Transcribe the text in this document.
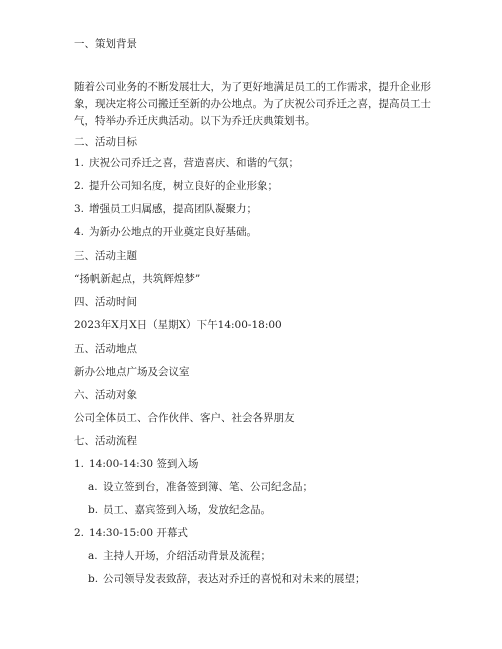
一、策划背景
随着公司业务的不断发展壮大，为了更好地满足员工的工作需求，提升企业形象，现决定将公司搬迁至新的办公地点。为了庆祝公司乔迁之喜，提高员工士气，特举办乔迁庆典活动。以下为乔迁庆典策划书。
二、活动目标
1. 庆祝公司乔迁之喜，营造喜庆、和谐的气氛；
2. 提升公司知名度，树立良好的企业形象；
3. 增强员工归属感，提高团队凝聚力；
4. 为新办公地点的开业奠定良好基础。
三、活动主题
“扬帆新起点，共筑辉煌梦”
四、活动时间
2023年X月X日（星期X）下午14:00-18:00
五、活动地点
新办公地点广场及会议室
六、活动对象
公司全体员工、合作伙伴、客户、社会各界朋友
七、活动流程
1. 14:00-14:30 签到入场
a. 设立签到台，准备签到簿、笔、公司纪念品；
b. 员工、嘉宾签到入场，发放纪念品。
2. 14:30-15:00 开幕式
a. 主持人开场，介绍活动背景及流程；
b. 公司领导发表致辞，表达对乔迁的喜悦和对未来的展望；
